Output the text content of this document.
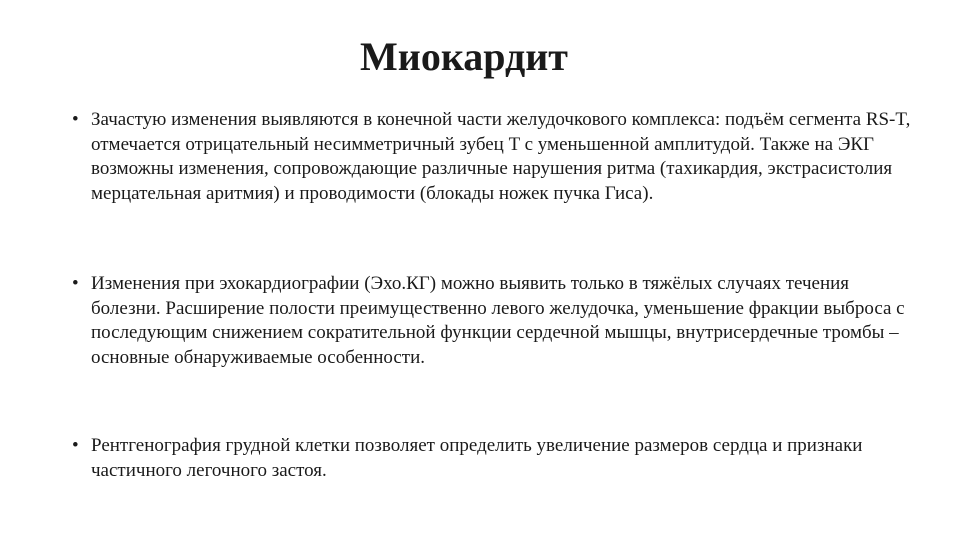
Миокардит
• Зачастую изменения выявляются в конечной части желудочкового комплекса: подъём сегмента RS-T, отмечается отрицательный несимметричный зубец T с уменьшенной амплитудой. Также на ЭКГ возможны изменения, сопровождающие различные нарушения ритма (тахикардия, экстрасистолия мерцательная аритмия) и проводимости (блокады ножек пучка Гиса).
• Изменения при эхокардиографии (Эхо.КГ) можно выявить только в тяжёлых случаях течения болезни. Расширение полости преимущественно левого желудочка, уменьшение фракции выброса с последующим снижением сократительной функции сердечной мышцы, внутрисердечные тромбы – основные обнаруживаемые особенности.
• Рентгенография грудной клетки позволяет определить увеличение размеров сердца и признаки частичного легочного застоя.
